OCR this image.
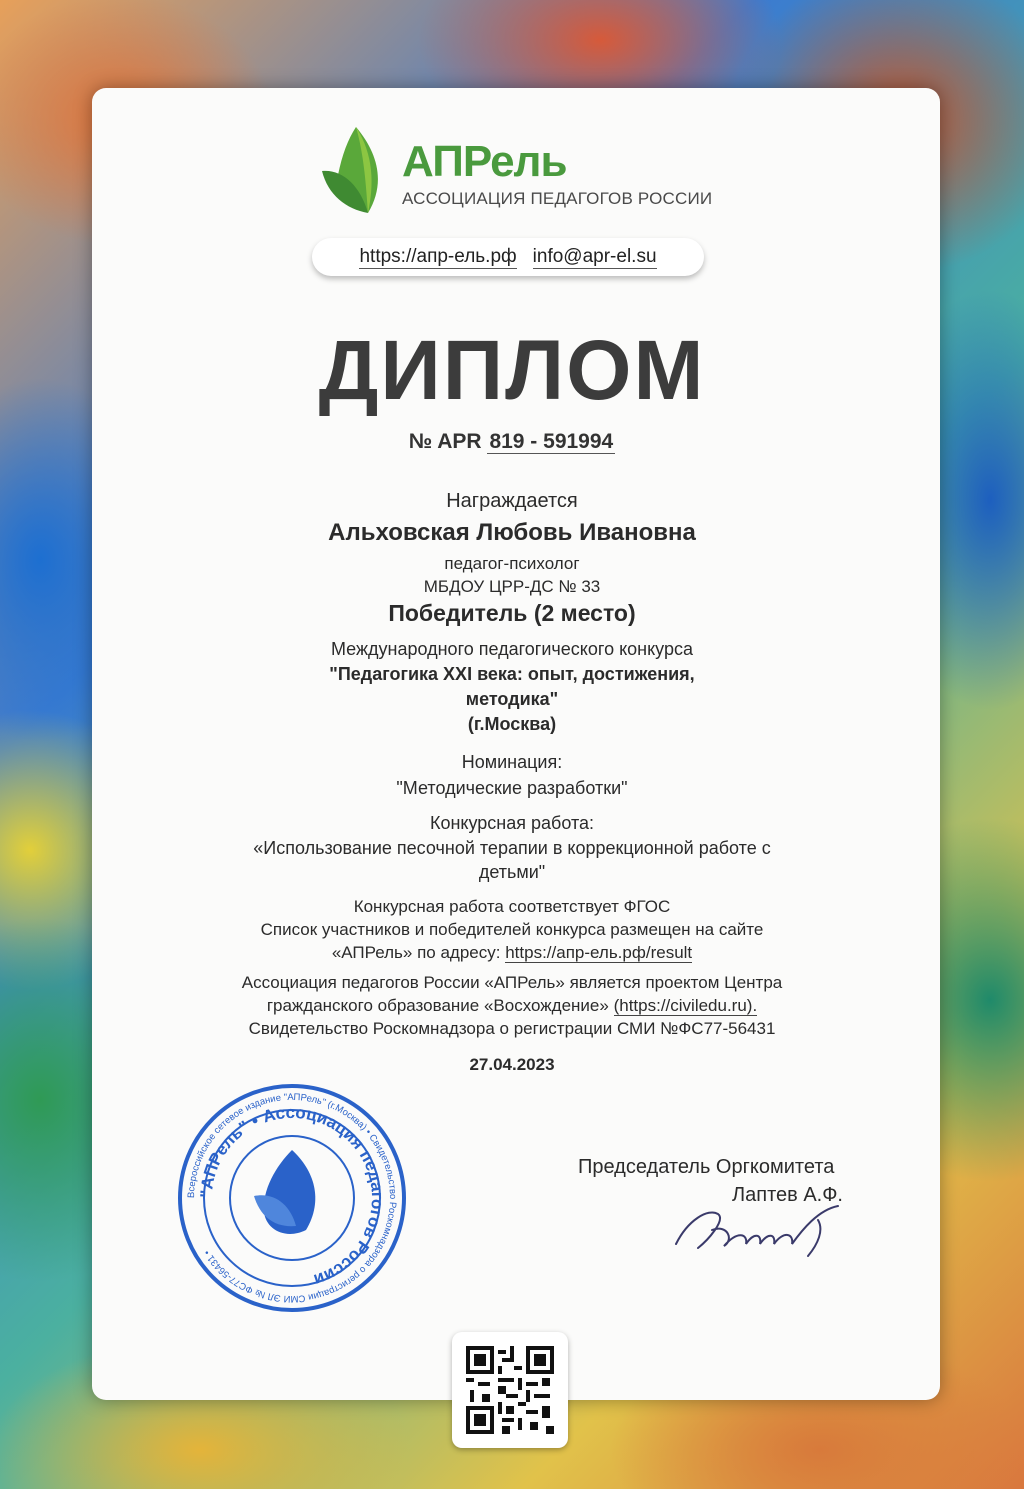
АПРель
АССОЦИАЦИЯ ПЕДАГОГОВ РОССИИ
https://апр-ель.рф info@apr-el.su
ДИПЛОМ
№ APR 819 - 591994
Награждается
Альховская Любовь Ивановна
педагог-психолог
МБДОУ ЦРР-ДС № 33
Победитель (2 место)
Международного педагогического конкурса
"Педагогика XXI века: опыт, достижения,
методика"
(г.Москва)
Номинация:
"Методические разработки"
Конкурсная работа:
«Использование песочной терапии в коррекционной работе с
детьми"
Конкурсная работа соответствует ФГОС
Список участников и победителей конкурса размещен на сайте
«АПРель» по адресу: https://апр-ель.рф/result
Ассоциация педагогов России «АПРель» является проектом Центра
гражданского образование «Восхождение» (https://civiledu.ru).
Свидетельство Роскомнадзора о регистрации СМИ №ФС77-56431
27.04.2023
Всероссийское сетевое издание "АПРель" (г.Москва) • Свидетельство Роскомнадзора о регистрации СМИ ЭЛ № ФС77-56431 •
"АПРель" • Ассоциация педагогов России
Председатель Оргкомитета
Лаптев А.Ф.
